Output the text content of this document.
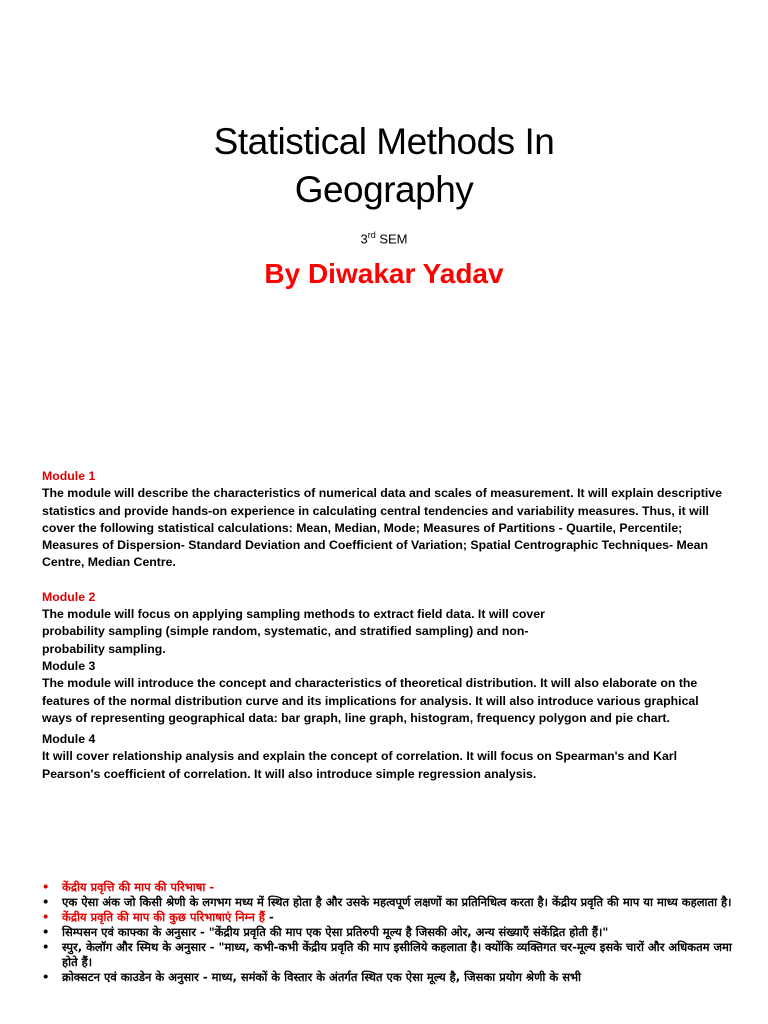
Statistical Methods In
Geography
3rd SEM
By Diwakar Yadav

Module 1

The module will describe the characteristics of numerical data and scales of measurement. It will explain descriptive statistics and provide hands-on experience in calculating central tendencies and variability measures. Thus, it will cover the following statistical calculations: Mean, Median, Mode; Measures of Partitions - Quartile, Percentile; Measures of Dispersion- Standard Deviation and Coefficient of Variation; Spatial Centrographic Techniques- Mean Centre, Median Centre.

Module 2

The module will focus on applying sampling methods to extract field data. It will cover

probability sampling (simple random, systematic, and stratified sampling) and non-

probability sampling.

Module 3

The module will introduce the concept and characteristics of theoretical distribution. It will also elaborate on the features of the normal distribution curve and its implications for analysis. It will also introduce various graphical ways of representing geographical data: bar graph, line graph, histogram, frequency polygon and pie chart.

Module 4

It will cover relationship analysis and explain the concept of correlation. It will focus on Spearman's and Karl Pearson's coefficient of correlation. It will also introduce simple regression analysis.

•	केंद्रीय प्रवृत्ति की माप की परिभाषा -
•	एक ऐसा अंक जो किसी श्रेणी के लगभग मध्य में स्थित होता है और उसके महत्वपूर्ण लक्षणों का प्रतिनिधित्व करता है। केंद्रीय प्रवृति की माप या माध्य कहलाता है।
•	केंद्रीय प्रवृति की माप की कुछ परिभाषाएं निम्न हैं -
•	सिम्पसन एवं काफ्का के अनुसार - "केंद्रीय प्रवृति की माप एक ऐसा प्रतिरुपी मूल्य है जिसकी ओर, अन्य संख्याएँ संकेंद्रित होती हैं।"
•	स्पुर, केलॉग और स्मिथ के अनुसार - "माध्य, कभी-कभी केंद्रीय प्रवृति की माप इसीलिये कहलाता है। क्योंकि व्यक्तिगत चर-मूल्य इसके चारों और अधिकतम जमा होते हैं।
•	क्रोक्सटन एवं काउडेन के अनुसार - माध्य, समंकों के विस्तार के अंतर्गत स्थित एक ऐसा मूल्य है, जिसका प्रयोग श्रेणी के सभी
